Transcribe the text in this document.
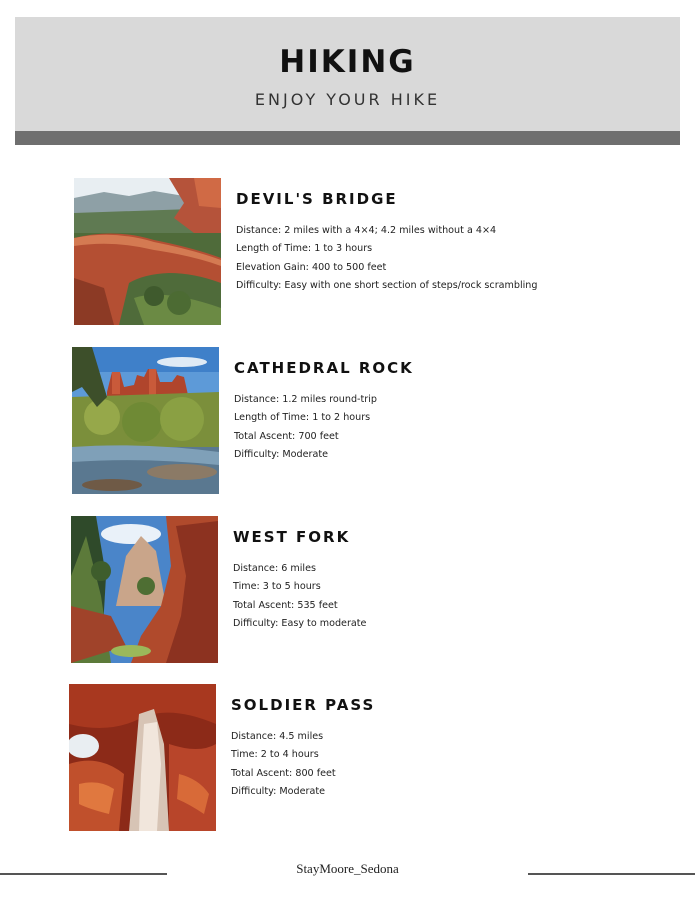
HIKING
ENJOY YOUR HIKE
DEVIL'S BRIDGE
Distance: 2 miles with a 4×4; 4.2 miles without a 4×4
Length of Time: 1 to 3 hours
Elevation Gain: 400 to 500 feet
Difficulty: Easy with one short section of steps/rock scrambling
CATHEDRAL ROCK
Distance: 1.2 miles round-trip
Length of Time: 1 to 2 hours
Total Ascent: 700 feet
Difficulty: Moderate
WEST FORK
Distance: 6 miles
Time: 3 to 5 hours
Total Ascent: 535 feet
Difficulty: Easy to moderate
SOLDIER PASS
Distance: 4.5 miles
Time: 2 to 4 hours
Total Ascent: 800 feet
Difficulty: Moderate
StayMoore_Sedona
